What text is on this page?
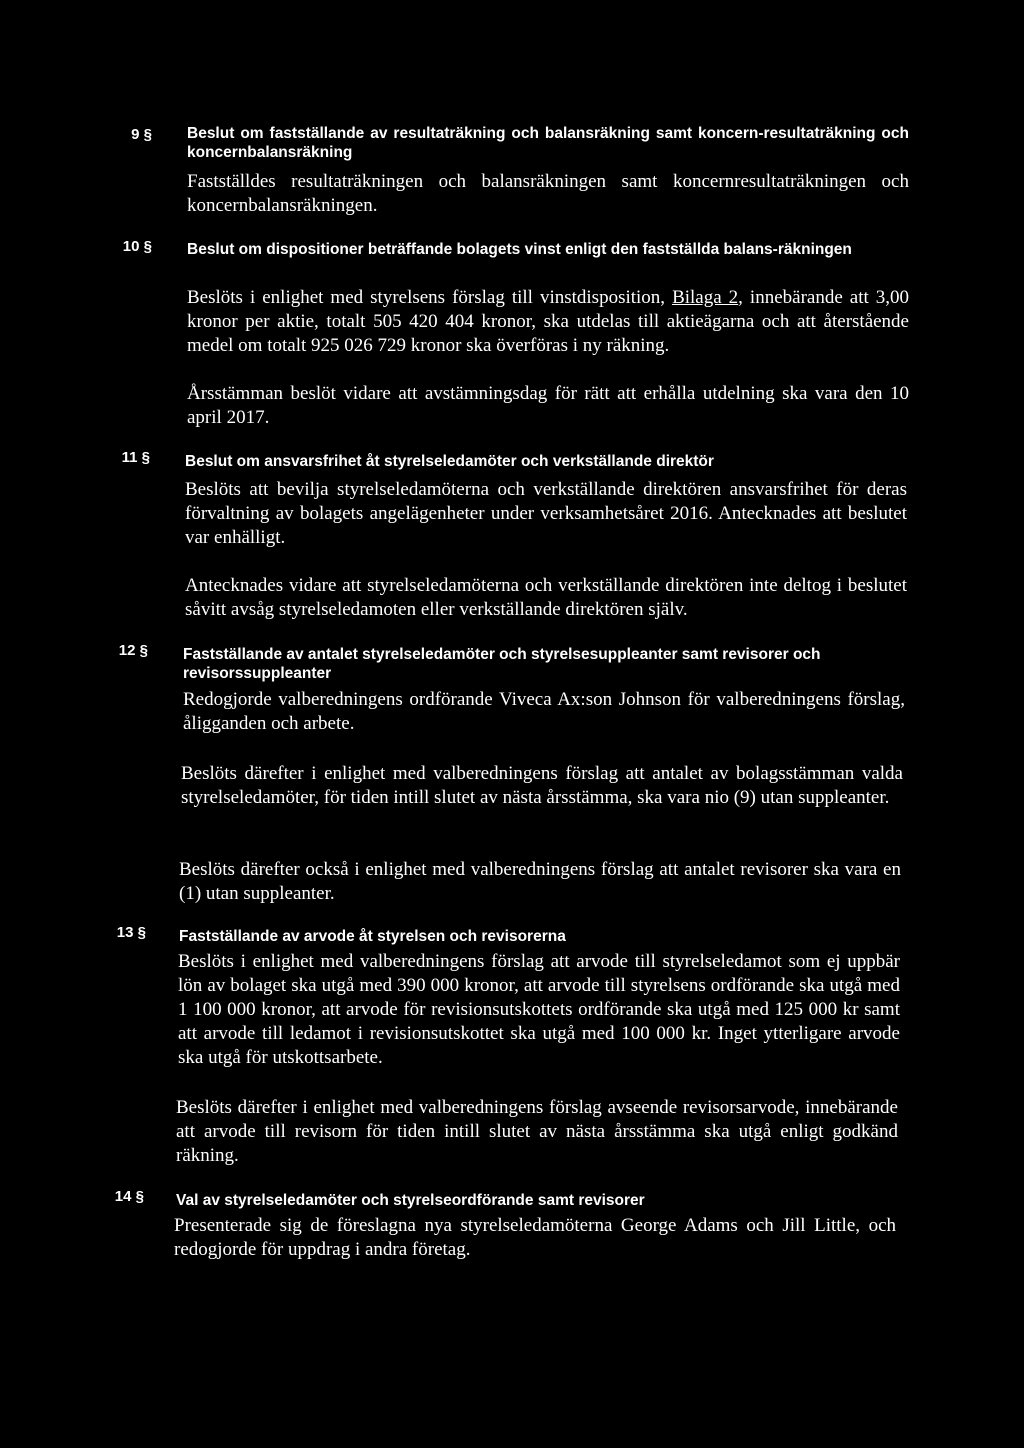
9 § Beslut om fastställande av resultaträkning och balansräkning samt koncern-resultaträkning och koncernbalansräkning

Fastställdes resultaträkningen och balansräkningen samt koncernresultaträkningen och koncernbalansräkningen.

10 § Beslut om dispositioner beträffande bolagets vinst enligt den fastställda balans-räkningen

Beslöts i enlighet med styrelsens förslag till vinstdisposition, Bilaga 2, innebärande att 3,00 kronor per aktie, totalt 505 420 404 kronor, ska utdelas till aktieägarna och att återstående medel om totalt 925 026 729 kronor ska överföras i ny räkning.

Årsstämman beslöt vidare att avstämningsdag för rätt att erhålla utdelning ska vara den 10 april 2017.

11 § Beslut om ansvarsfrihet åt styrelseledamöter och verkställande direktör

Beslöts att bevilja styrelseledamöterna och verkställande direktören ansvarsfrihet för deras förvaltning av bolagets angelägenheter under verksamhetsåret 2016. Antecknades att beslutet var enhälligt.

Antecknades vidare att styrelseledamöterna och verkställande direktören inte deltog i beslutet såvitt avsåg styrelseledamoten eller verkställande direktören själv.

12 § Fastställande av antalet styrelseledamöter och styrelsesuppleanter samt revisorer och revisorssuppleanter

Redogjorde valberedningens ordförande Viveca Ax:son Johnson för valberedningens förslag, åligganden och arbete.

Beslöts därefter i enlighet med valberedningens förslag att antalet av bolagsstämman valda styrelseledamöter, för tiden intill slutet av nästa årsstämma, ska vara nio (9) utan suppleanter.

Beslöts därefter också i enlighet med valberedningens förslag att antalet revisorer ska vara en (1) utan suppleanter.

13 § Fastställande av arvode åt styrelsen och revisorerna

Beslöts i enlighet med valberedningens förslag att arvode till styrelseledamot som ej uppbär lön av bolaget ska utgå med 390 000 kronor, att arvode till styrelsens ordförande ska utgå med 1 100 000 kronor, att arvode för revisionsutskottets ordförande ska utgå med 125 000 kr samt att arvode till ledamot i revisionsutskottet ska utgå med 100 000 kr. Inget ytterligare arvode ska utgå för utskottsarbete.

Beslöts därefter i enlighet med valberedningens förslag avseende revisorsarvode, innebärande att arvode till revisorn för tiden intill slutet av nästa årsstämma ska utgå enligt godkänd räkning.

14 § Val av styrelseledamöter och styrelseordförande samt revisorer

Presenterade sig de föreslagna nya styrelseledamöterna George Adams och Jill Little, och redogjorde för uppdrag i andra företag.
